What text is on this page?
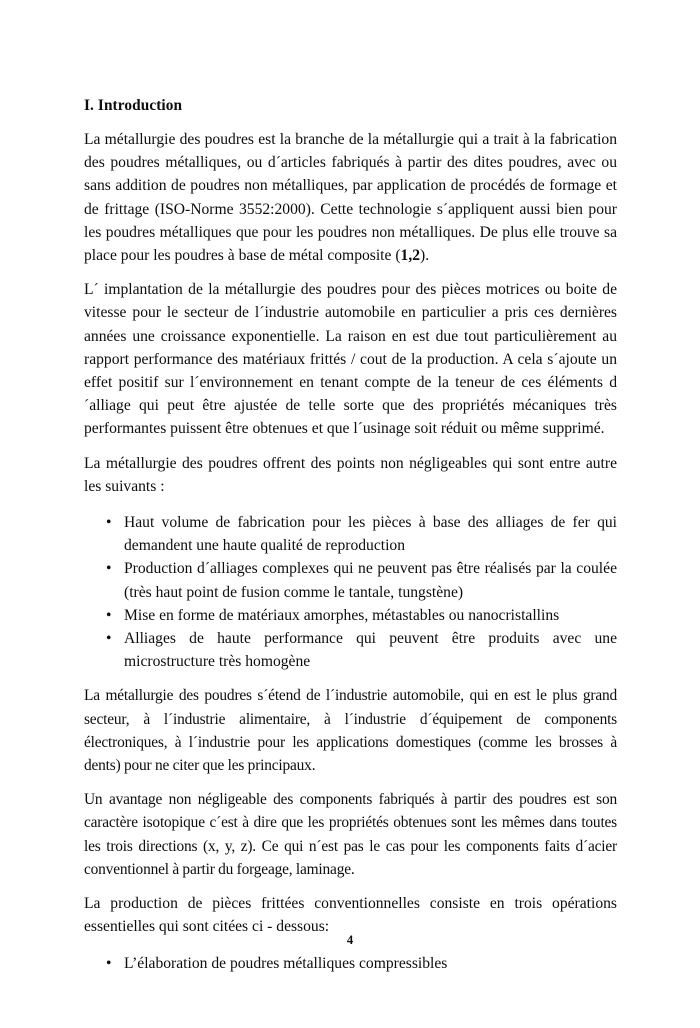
I. Introduction

La métallurgie des poudres est la branche de la métallurgie qui a trait à la fabrication des poudres métalliques, ou d´articles fabriqués à partir des dites poudres, avec ou sans addition de poudres non métalliques, par application de procédés de formage et de frittage (ISO-Norme 3552:2000). Cette technologie s´appliquent aussi bien pour les poudres métalliques que pour les poudres non métalliques. De plus elle trouve sa place pour les poudres à base de métal composite (1,2).

L´ implantation de la métallurgie des poudres pour des pièces motrices ou boite de vitesse pour le secteur de l´industrie automobile en particulier a pris ces dernières années une croissance exponentielle. La raison en est due tout particulièrement au rapport performance des matériaux frittés / cout de la production. A cela s´ajoute un effet positif sur l´environnement en tenant compte de la teneur de ces éléments d´alliage qui peut être ajustée de telle sorte que des propriétés mécaniques très performantes puissent être obtenues et que l´usinage soit réduit ou même supprimé.

La métallurgie des poudres offrent des points non négligeables qui sont entre autre les suivants :

• Haut volume de fabrication pour les pièces à base des alliages de fer qui demandent une haute qualité de reproduction
• Production d´alliages complexes qui ne peuvent pas être réalisés par la coulée (très haut point de fusion comme le tantale, tungstène)
• Mise en forme de matériaux amorphes, métastables ou nanocristallins
• Alliages de haute performance qui peuvent être produits avec une microstructure très homogène

La métallurgie des poudres s´étend de l´industrie automobile, qui en est le plus grand secteur, à l´industrie alimentaire, à l´industrie d´équipement de components électroniques, à l´industrie pour les applications domestiques (comme les brosses à dents) pour ne citer que les principaux.

Un avantage non négligeable des components fabriqués à partir des poudres est son caractère isotopique c´est à dire que les propriétés obtenues sont les mêmes dans toutes les trois directions (x, y, z). Ce qui n´est pas le cas pour les components faits d´acier conventionnel à partir du forgeage, laminage.

La production de pièces frittées conventionnelles consiste en trois opérations essentielles qui sont citées ci - dessous:

• L’élaboration de poudres métalliques compressibles
4
